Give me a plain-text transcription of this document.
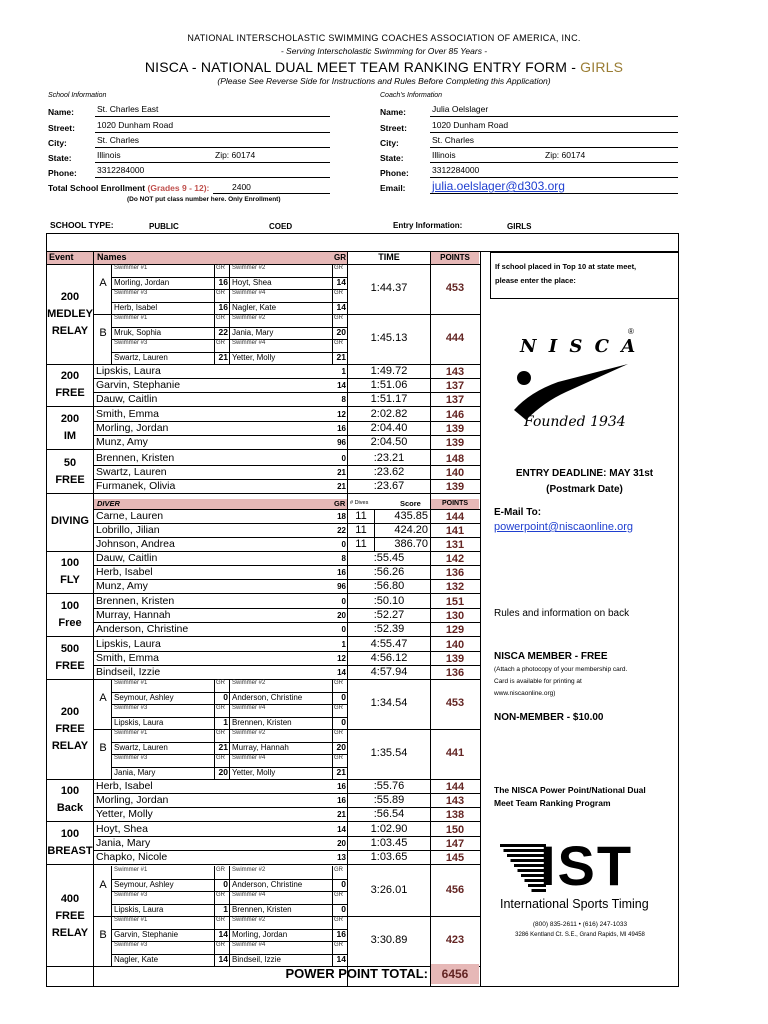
NATIONAL INTERSCHOLASTIC SWIMMING COACHES ASSOCIATION OF AMERICA, INC.
- Serving Interscholastic Swimming for Over 85 Years -
NISCA - NATIONAL DUAL MEET TEAM RANKING ENTRY FORM - GIRLS
(Please See Reverse Side for Instructions and Rules Before Completing this Application)
School Information	Coach's Information
Name:	St. Charles East	Name:	Julia Oelslager
Street:	1020 Dunham Road	Street:	1020 Dunham Road
City:	St. Charles	City:	St. Charles
State:	Illinois	State:	Illinois
Phone: 3312284000	Phone:	3312284000
Zip: 60174	Zip: 60174
Total School Enrollment (Grades 9 - 12):	2400
(Do NOT put class number here. Only Enrollment)
Email: julia.oelslager@d303.org
SCHOOL TYPE:	PUBLIC	COED	Entry Information:	GIRLS
Event	Names	GR	TIME	POINTS
200
MEDLEY
RELAY
A
Swimmer #1	GR Swimmer #2	GR
Morling, Jordan	16 Hoyt, Shea	14
Swimmer #3	GR Swimmer #4	GR
Herb, Isabel	16 Nagler, Kate	14
1:44.37	453
B
Swimmer #1	GR Swimmer #2	GR
Mruk, Sophia	22 Jania, Mary	20
Swimmer #3	GR Swimmer #4	GR
Swartz, Lauren	21 Yetter, Molly	21
1:45.13	444
200
FREE
Lipskis, Laura	1	1:49.72	143
Garvin, Stephanie	14	1:51.06	137
Dauw, Caitlin	8	1:51.17	137
200
IM
Smith, Emma	12	2:02.82	146
Morling, Jordan	16	2:04.40	139
Munz, Amy	96	2:04.50	139
50
FREE
Brennen, Kristen	0	:23.21	148
Swartz, Lauren	21	:23.62	140
Furmanek, Olivia	21	:23.67	139
DIVER	GR # Dives	Score	POINTS
DIVING Carne, Lauren	18 11	435.85	144
Lobrillo, Jilian	22 11	424.20	141
Johnson, Andrea	0 11	386.70	131
100
FLY
Dauw, Caitlin	8	:55.45	142
Herb, Isabel	16	:56.26	136
Munz, Amy	96	:56.80	132
100
Free
Brennen, Kristen	0	:50.10	151
Murray, Hannah	20	:52.27	130
Anderson, Christine	0	:52.39	129
500
FREE
Lipskis, Laura	1	4:55.47	140
Smith, Emma	12	4:56.12	139
Bindseil, Izzie	14	4:57.94	136
200
FREE
RELAY
A
Swimmer #1	GR Swimmer #2	GR
Seymour, Ashley	0 Anderson, Christine	0
Swimmer #3	GR Swimmer #4	GR
Lipskis, Laura	1 Brennen, Kristen	0
1:34.54	453
B
Swimmer #1	GR Swimmer #2	GR
Swartz, Lauren	21 Murray, Hannah	20
Swimmer #3	GR Swimmer #4	GR
Jania, Mary	20 Yetter, Molly	21
1:35.54	441
100
Back
Herb, Isabel	16	:55.76	144
Morling, Jordan	16	:55.89	143
Yetter, Molly	21	:56.54	138
100
BREAST
Hoyt, Shea	14	1:02.90	150
Jania, Mary	20	1:03.45	147
Chapko, Nicole	13	1:03.65	145
400
FREE
RELAY
A
Swimmer #1	GR Swimmer #2	GR
Seymour, Ashley	0 Anderson, Christine	0
Swimmer #3	GR Swimmer #4	GR
Lipskis, Laura	1 Brennen, Kristen	0
3:26.01	456
B
Swimmer #1	GR Swimmer #2	GR
Garvin, Stephanie	14 Morling, Jordan	16
Swimmer #3	GR Swimmer #4	GR
Nagler, Kate	14 Bindseil, Izzie	14
3:30.89	423
POWER POINT TOTAL:	6456
If school placed in Top 10 at state meet,
please enter the place:
N I S C A
®
Founded 1934
ENTRY DEADLINE: MAY 31st
(Postmark Date)
E-Mail To:
powerpoint@niscaonline.org
Rules and information on back
NISCA MEMBER - FREE
(Attach a photocopy of your membership card.
Card is available for printing at
www.niscaonline.org)
NON-MEMBER - $10.00
The NISCA Power Point/National Dual
Meet Team Ranking Program
IST
International Sports Timing
(800) 835-2611 • (616) 247-1033
3286 Kentland Ct. S.E., Grand Rapids, MI 49458
